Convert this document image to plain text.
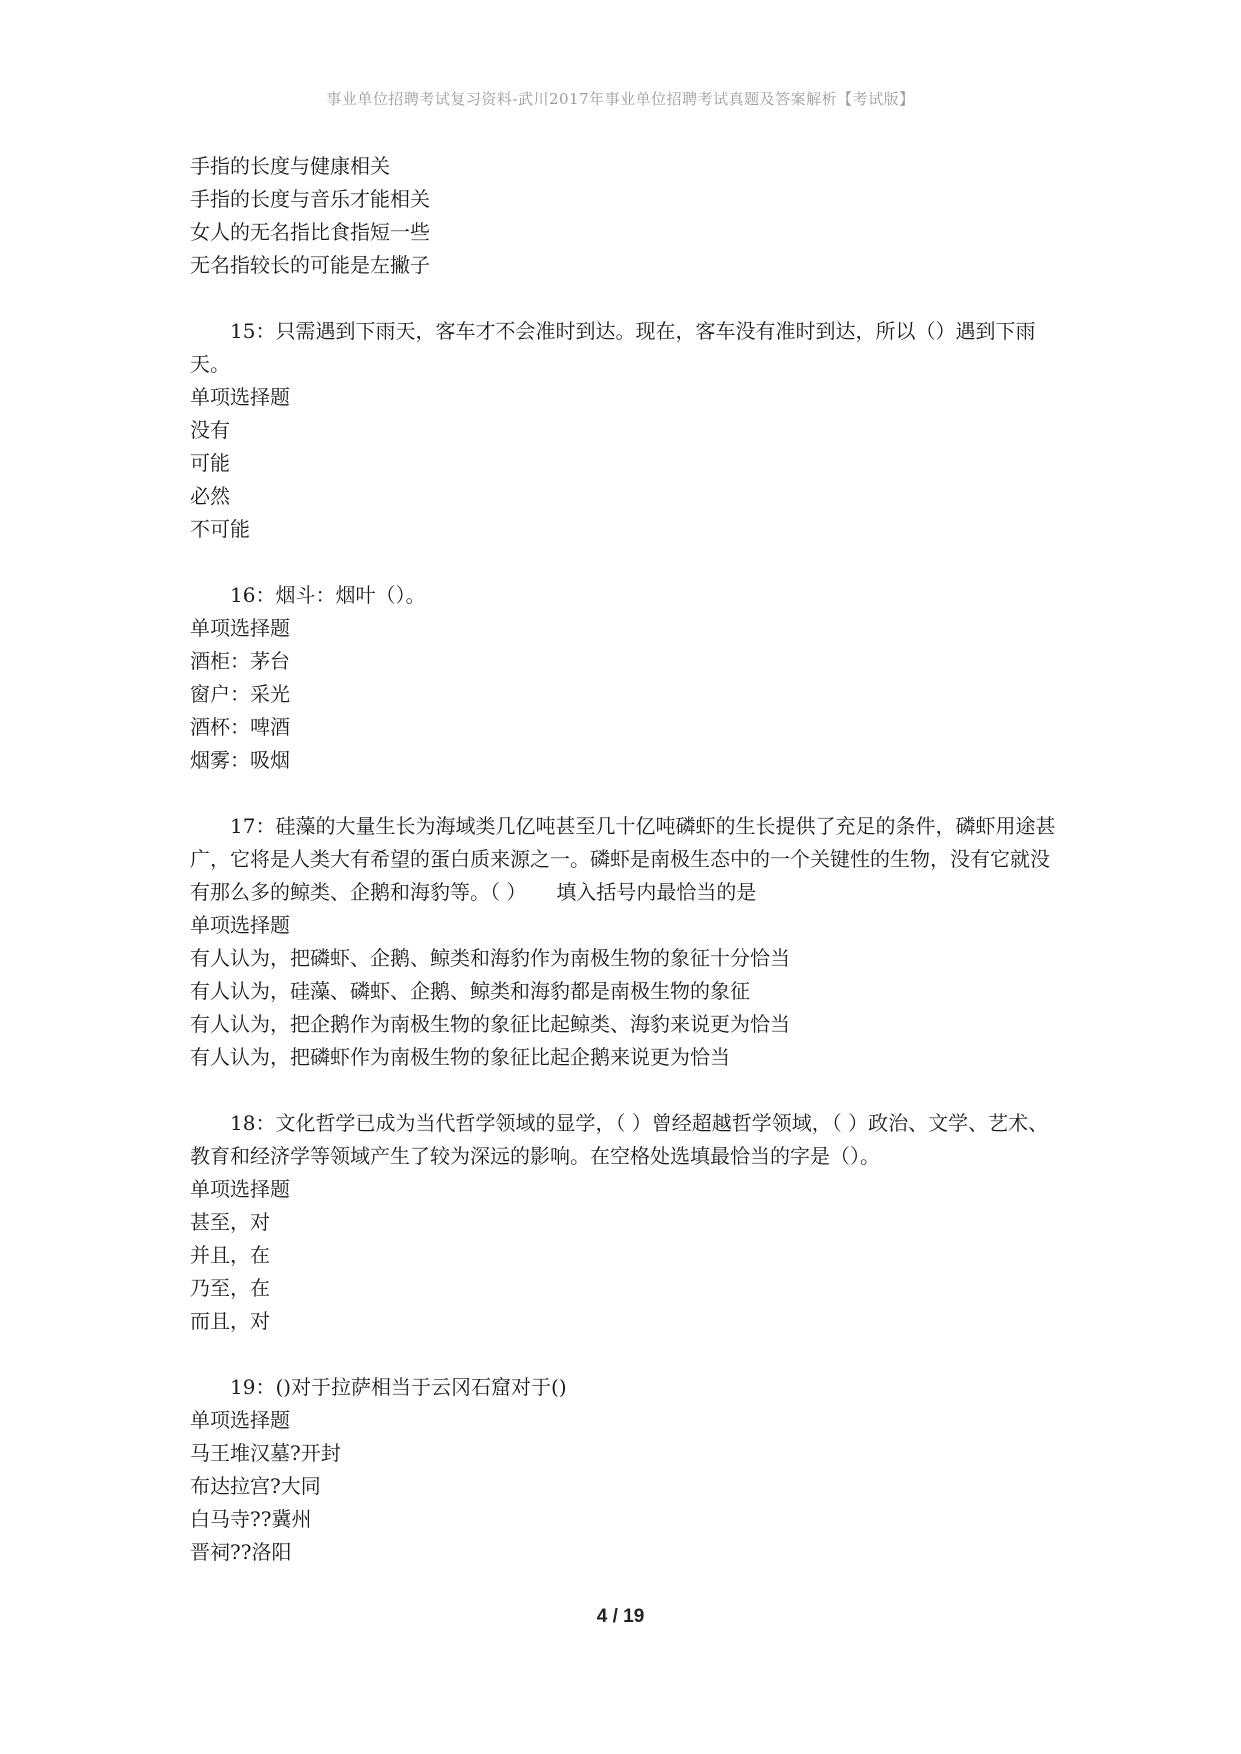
事业单位招聘考试复习资料-武川2017年事业单位招聘考试真题及答案解析【考试版】
手指的长度与健康相关
手指的长度与音乐才能相关
女人的无名指比食指短一些
无名指较长的可能是左撇子
15：只需遇到下雨天，客车才不会准时到达。现在，客车没有准时到达，所以（）遇到下雨天。
单项选择题
没有
可能
必然
不可能
16：烟斗：烟叶（）。
单项选择题
酒柜：茅台
窗户：采光
酒杯：啤酒
烟雾：吸烟
17：硅藻的大量生长为海域类几亿吨甚至几十亿吨磷虾的生长提供了充足的条件，磷虾用途甚广，它将是人类大有希望的蛋白质来源之一。磷虾是南极生态中的一个关键性的生物，没有它就没有那么多的鲸类、企鹅和海豹等。（ ）　　填入括号内最恰当的是
单项选择题
有人认为，把磷虾、企鹅、鲸类和海豹作为南极生物的象征十分恰当
有人认为，硅藻、磷虾、企鹅、鲸类和海豹都是南极生物的象征
有人认为，把企鹅作为南极生物的象征比起鲸类、海豹来说更为恰当
有人认为，把磷虾作为南极生物的象征比起企鹅来说更为恰当
18：文化哲学已成为当代哲学领域的显学，（ ）曾经超越哲学领域，（ ）政治、文学、艺术、教育和经济学等领域产生了较为深远的影响。在空格处选填最恰当的字是（）。
单项选择题
甚至，对
并且，在
乃至，在
而且，对
19：()对于拉萨相当于云冈石窟对于()
单项选择题
马王堆汉墓?开封
布达拉宫?大同
白马寺??冀州
晋祠??洛阳
4 / 19
